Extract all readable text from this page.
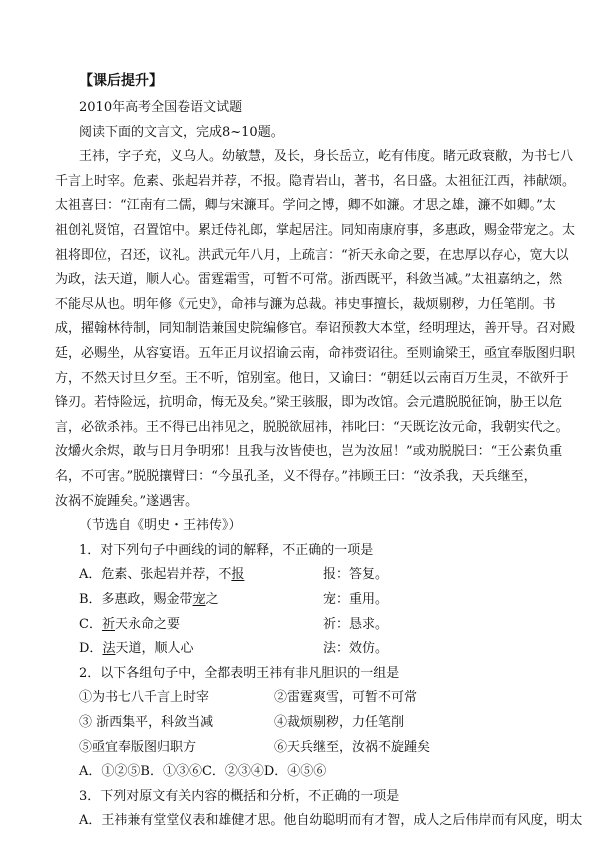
【课后提升】
2010年高考全国卷语文试题
阅读下面的文言文，完成8~10题。
王祎，字子充，义乌人。幼敏慧，及长，身长岳立，屹有伟度。睹元政衰敝，为书七八
千言上时宰。危素、张起岩并荐，不报。隐青岩山，著书，名日盛。太祖征江西，祎献颂。
太祖喜曰：“江南有二儒，卿与宋濂耳。学问之博，卿不如濂。才思之雄，濂不如卿。”太
祖创礼贤馆，召置馆中。累迁侍礼郎，掌起居注。同知南康府事，多惠政，赐金带宠之。太
祖将即位，召还，议礼。洪武元年八月，上疏言：“祈天永命之要，在忠厚以存心，宽大以
为政，法天道，顺人心。雷霆霜雪，可暂不可常。浙西既平，科敛当减。”太祖嘉纳之，然
不能尽从也。明年修《元史》，命祎与濂为总裁。祎史事擅长，裁烦剔秽，力任笔削。书
成，擢翰林待制，同知制诰兼国史院编修官。奉诏预教大本堂，经明理达，善开导。召对殿
廷，必赐坐，从容宴语。五年正月议招谕云南，命祎赍诏往。至则谕梁王，亟宜奉版图归职
方，不然天讨旦夕至。王不听，馆别室。他日，又谕曰：“朝廷以云南百万生灵，不欲歼于
锋刃。若恃险远，抗明命，悔无及矣。”梁王骇服，即为改馆。会元遣脱脱征饷，胁王以危
言，必欲杀祎。王不得已出祎见之，脱脱欲屈祎，祎叱曰：“天既讫汝元命，我朝实代之。
汝爝火余烬，敢与日月争明邪！且我与汝皆使也，岂为汝屈！”或劝脱脱曰：“王公素负重
名，不可害。”脱脱攘臂曰：“今虽孔圣，义不得存。”祎顾王曰：“汝杀我，天兵继至，
汝祸不旋踵矣。”遂遇害。
（节选自《明史・王祎传》）
1．对下列句子中画线的词的解释，不正确的一项是
A．危素、张起岩并荐，不报	报：答复。
B．多惠政，赐金带宠之	宠：重用。
C．祈天永命之要	祈：恳求。
D．法天道，顺人心	法：效仿。
2．以下各组句子中，全都表明王祎有非凡胆识的一组是
①为书七八千言上时宰	②雷霆爽雪，可暂不可常
③ 浙西集平，科敛当减	④裁烦剔秽，力任笔削
⑤亟宜奉版图归职方	⑥天兵继至，汝祸不旋踵矣
A．①②⑤B．①③⑥C．②③④D．④⑤⑥
3．下列对原文有关内容的概括和分析，不正确的一项是
A．王祎兼有堂堂仪表和雄健才思。他自幼聪明而有才智，成人之后伟岸而有风度，明太
